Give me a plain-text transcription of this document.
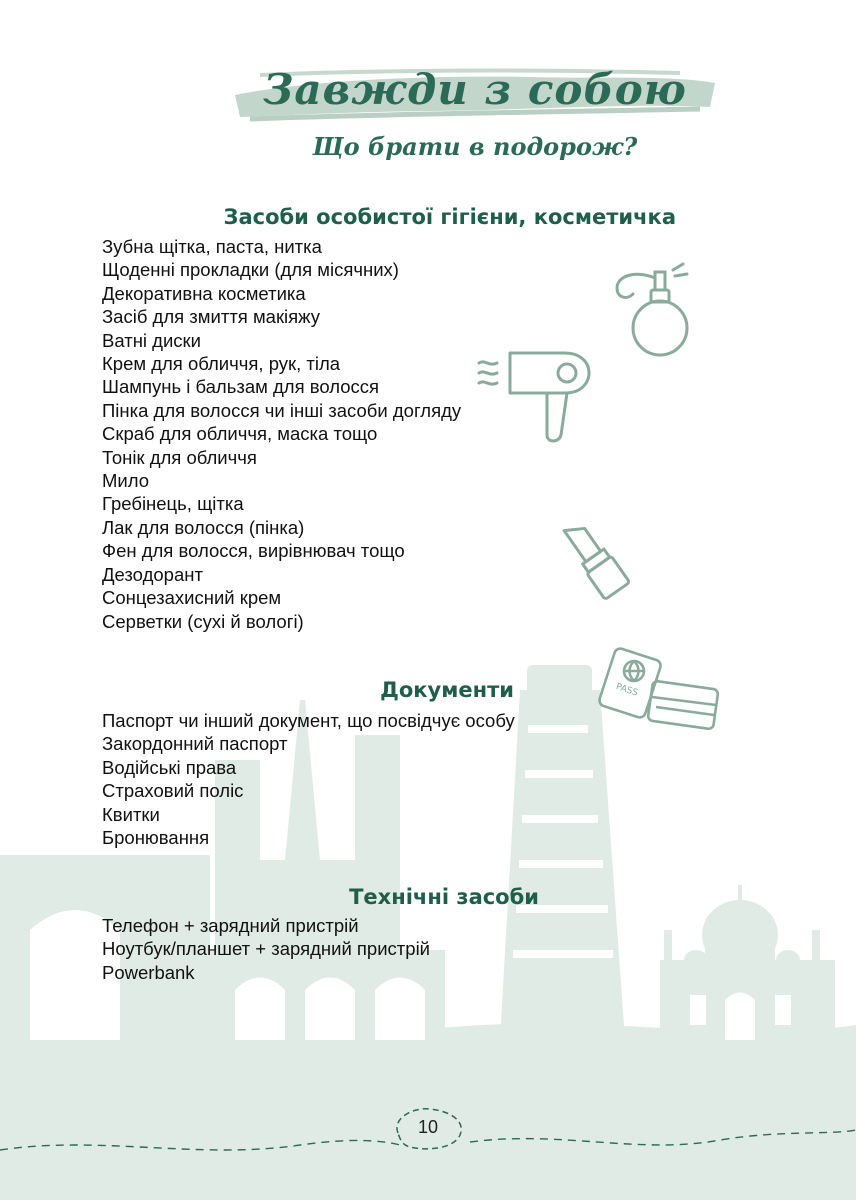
Завжди з собою
Що брати в подорож?
Засоби особистої гігієни, косметичка
Зубна щітка, паста, нитка
Щоденні прокладки (для місячних)
Декоративна косметика
Засіб для змиття макіяжу
Ватні диски
Крем для обличчя, рук, тіла
Шампунь і бальзам для волосся
Пінка для волосся чи інші засоби догляду
Скраб для обличчя, маска тощо
Тонік для обличчя
Мило
Гребінець, щітка
Лак для волосся (пінка)
Фен для волосся, вирівнювач тощо
Дезодорант
Сонцезахисний крем
Серветки (сухі й вологі)
Документи
Паспорт чи інший документ, що посвідчує особу
Закордонний паспорт
Водійські права
Страховий поліс
Квитки
Бронювання
Технічні засоби
Телефон + зарядний пристрій
Ноутбук/планшет + зарядний пристрій
Powerbank
PASS
10
